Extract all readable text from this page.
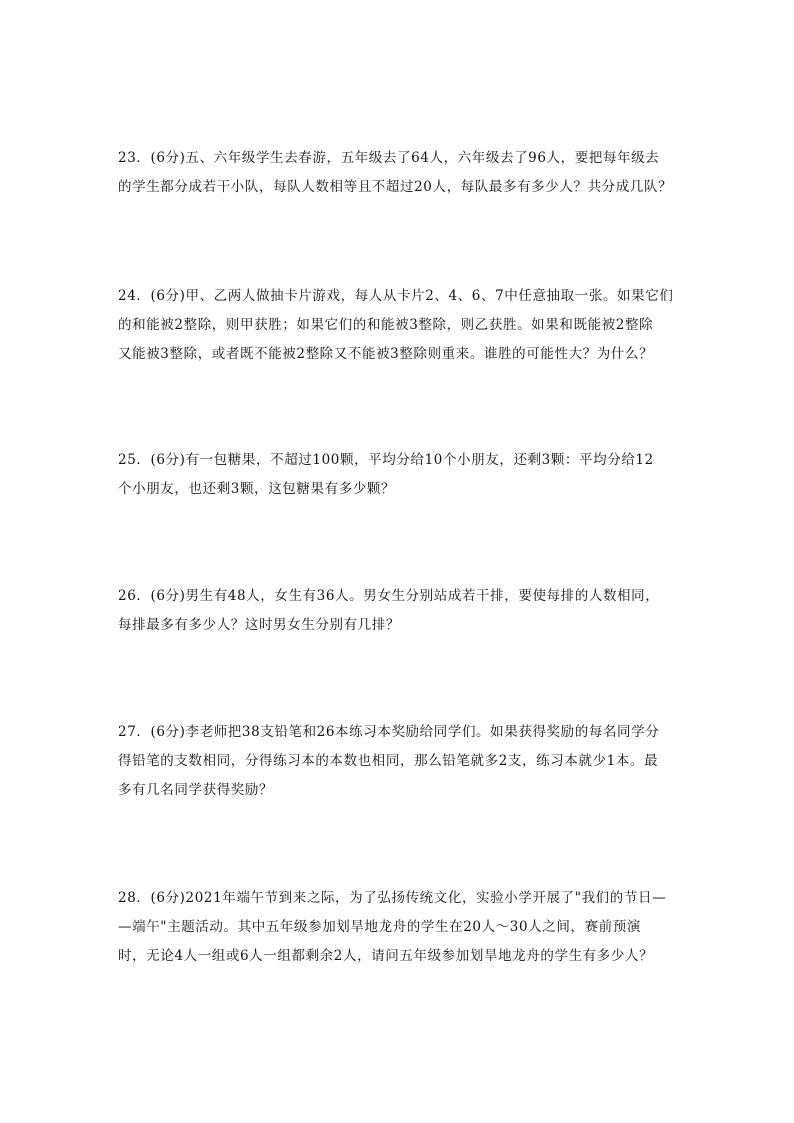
23．(6分)五、六年级学生去春游，五年级去了64人，六年级去了96人，要把每年级去
的学生都分成若干小队，每队人数相等且不超过20人，每队最多有多少人？共分成几队？
24．(6分)甲、乙两人做抽卡片游戏，每人从卡片2、4、6、7中任意抽取一张。如果它们
的和能被2整除，则甲获胜；如果它们的和能被3整除，则乙获胜。如果和既能被2整除
又能被3整除，或者既不能被2整除又不能被3整除则重来。谁胜的可能性大？为什么？
25．(6分)有一包糖果，不超过100颗，平均分给10个小朋友，还剩3颗：平均分给12
个小朋友，也还剩3颗，这包糖果有多少颗？
26．(6分)男生有48人，女生有36人。男女生分别站成若干排，要使每排的人数相同，
每排最多有多少人？这时男女生分别有几排？
27．(6分)李老师把38支铅笔和26本练习本奖励给同学们。如果获得奖励的每名同学分
得铅笔的支数相同，分得练习本的本数也相同，那么铅笔就多2支，练习本就少1本。最
多有几名同学获得奖励？
28．(6分)2021年端午节到来之际，为了弘扬传统文化，实验小学开展了"我们的节日—
—端午"主题活动。其中五年级参加划旱地龙舟的学生在20人～30人之间，赛前预演
时，无论4人一组或6人一组都剩余2人，请问五年级参加划旱地龙舟的学生有多少人？
